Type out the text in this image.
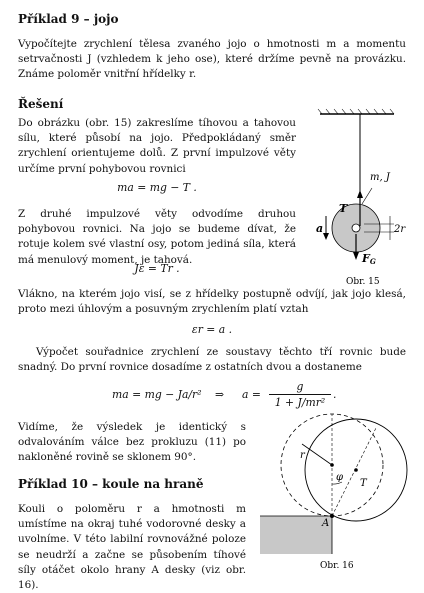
Příklad 9 – jojo
Vypočítejte zrychlení tělesa zvaného jojo o hmotnosti m a momentu setrvačnosti J (vzhledem k jeho ose), které držíme pevně na provázku. Známe poloměr vnitřní hřídelky r.
Řešení
Do obrázku (obr. 15) zakreslíme tíhovou a tahovou sílu, které působí na jojo. Předpokládaný směr zrychlení orientujeme dolů. Z první impulzové věty určíme první pohybovou rovnici
ma = mg − T .
Z druhé impulzové věty odvodíme druhou pohybovou rovnici. Na jojo se budeme dívat, že rotuje kolem své vlastní osy, potom jediná síla, která má menulový moment, je tahová.
Jε = Tr .
Vlákno, na kterém jojo visí, se z hřídelky postupně odvíjí, jak jojo klesá, proto mezi úhlovým a posuvným zrychlením platí vztah
εr = a .
Výpočet souřadnice zrychlení ze soustavy těchto tří rovnic bude snadný. Do první rovnice dosadíme z ostatních dvou a dostaneme
ma = mg − Ja/r² ⇒ a =
g
1 + J/mr²
.
Vidíme, že výsledek je identický s odvalováním válce bez prokluzu (11) po nakloněné rovině se sklonem 90°.
Příklad 10 – koule na hraně
Kouli o poloměru r a hmotnosti m umístíme na okraj tuhé vodorovné desky a uvolníme. V této labilní rovnovážné poloze se neudrží a začne se působením tíhové síly otáčet okolo hrany A desky (viz obr. 16).
m, J
T
a	2r
FG
Obr. 15
r
φ
T
A
Obr. 16
